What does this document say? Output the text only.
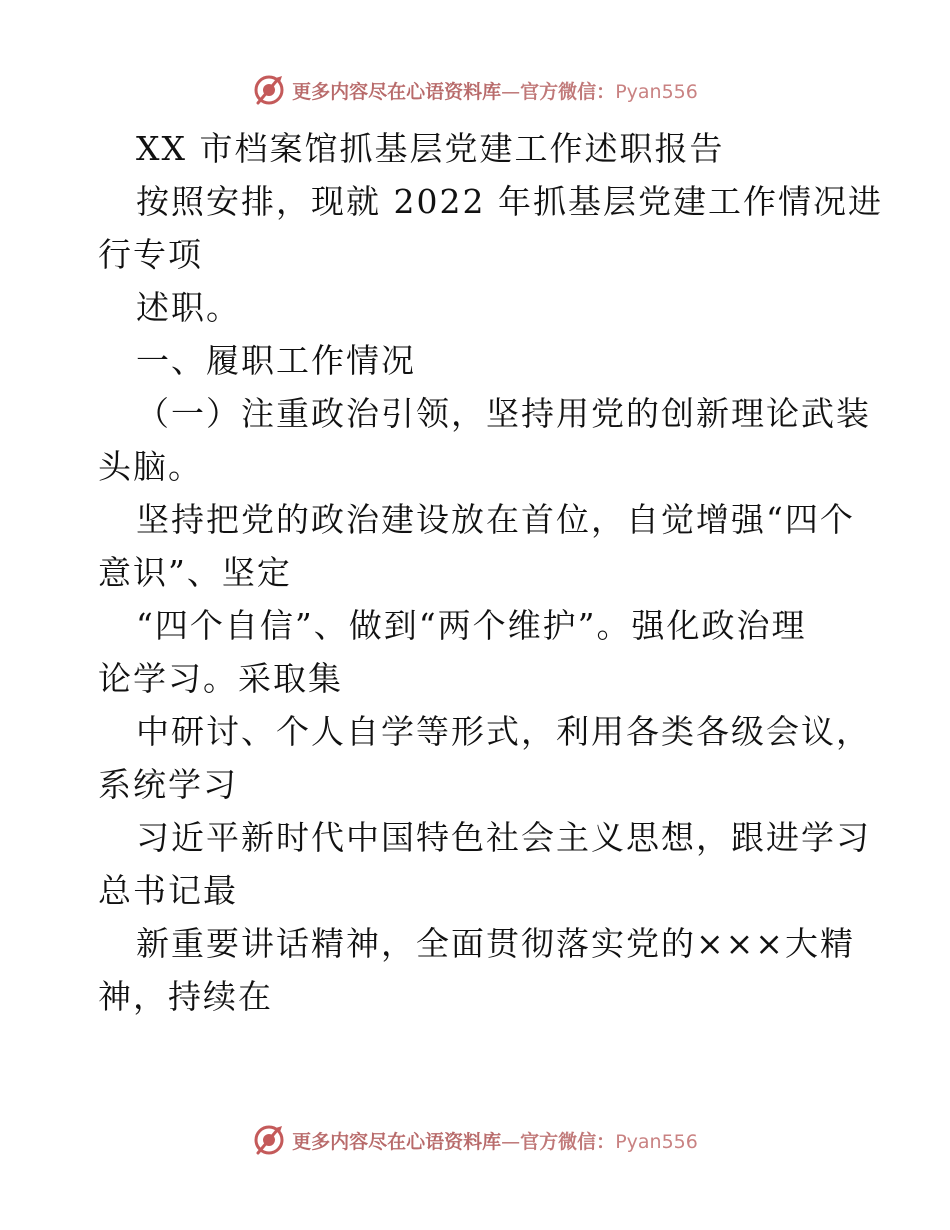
更多内容尽在心语资料库—官方微信：Pyan556
XX 市档案馆抓基层党建工作述职报告
按照安排，现就 2022 年抓基层党建工作情况进
行专项
述职。
一、履职工作情况
（一）注重政治引领，坚持用党的创新理论武装
头脑。
坚持把党的政治建设放在首位，自觉增强“四个
意识”、坚定
“四个自信”、做到“两个维护”。强化政治理
论学习。采取集
中研讨、个人自学等形式，利用各类各级会议，
系统学习
习近平新时代中国特色社会主义思想，跟进学习
总书记最
新重要讲话精神，全面贯彻落实党的×××大精
神，持续在
更多内容尽在心语资料库—官方微信：Pyan556
